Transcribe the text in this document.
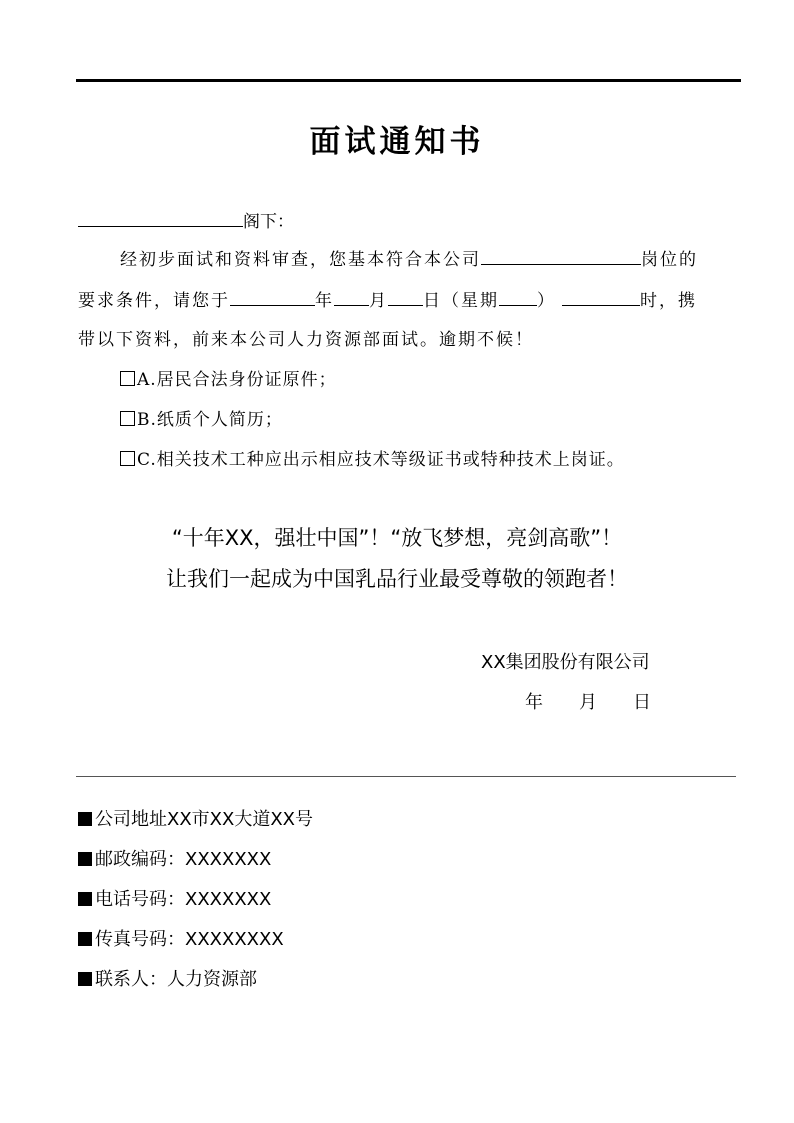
面试通知书
阁下：
经初步面试和资料审查，您基本符合本公司	岗位的
要求条件，请您于	年 月 日（星期 ）	时，携
带以下资料，前来本公司人力资源部面试。逾期不候！
A.居民合法身份证原件；
B.纸质个人简历；
C.相关技术工种应出示相应技术等级证书或特种技术上岗证。
“十年XX，强壮中国”！“放飞梦想，亮剑高歌”！
让我们一起成为中国乳品行业最受尊敬的领跑者！
XX集团股份有限公司
年 月 日
公司地址XX市XX大道XX号
邮政编码：XXXXXXX
电话号码：XXXXXXX
传真号码：XXXXXXXX
联系人：人力资源部
